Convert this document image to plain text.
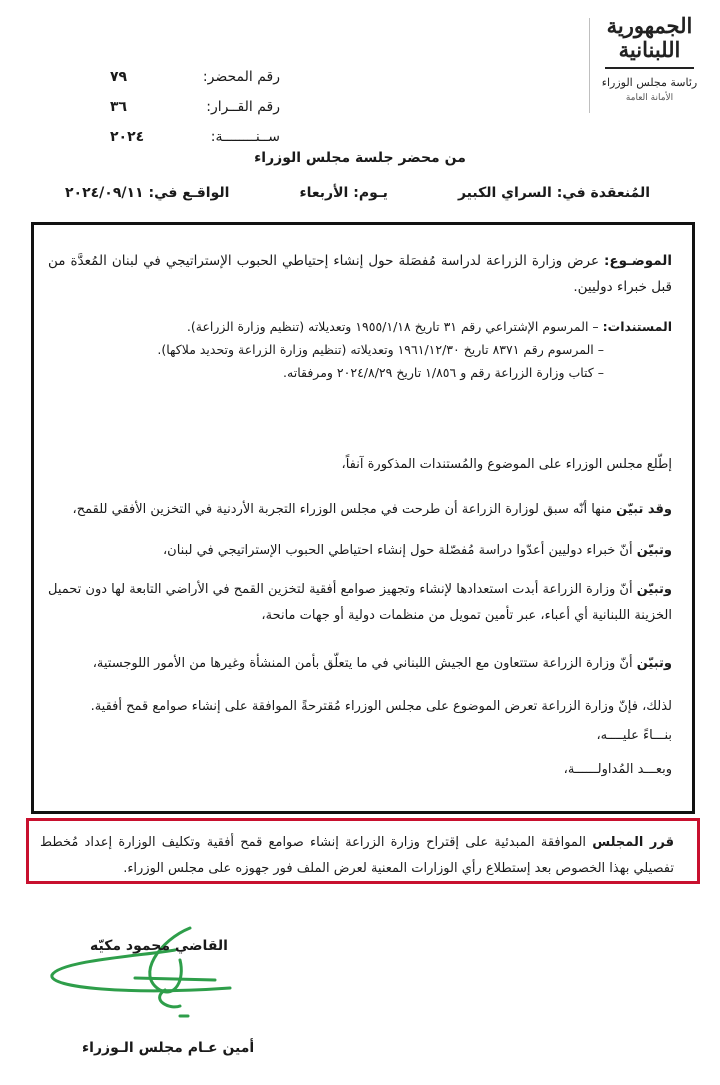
الجمهورية
اللبنانية
رئاسة مجلس الوزراء
الأمانة العامة
رقم المحضر:
٧٩
رقم القــرار:
٣٦
ســنــــــــة:
٢٠٢٤
من محضر جلسة مجلس الوزراء
المُنعقدة في: السراي الكبير
يـوم: الأربعاء
الواقـع في: ٢٠٢٤/٠٩/١١
الموضـوع: عرض وزارة الزراعة لدراسة مُفصَلة حول إنشاء إحتياطي الحبوب الإستراتيجي في لبنان المُعدَّة من قبل خبراء دوليين.
المستندات: – المرسوم الإشتراعي رقم ٣١ تاريخ ١٩٥٥/١/١٨ وتعديلاته (تنظيم وزارة الزراعة).
– المرسوم رقم ٨٣٧١ تاريخ ١٩٦١/١٢/٣٠ وتعديلاته (تنظيم وزارة الزراعة وتحديد ملاكها).
– كتاب وزارة الزراعة رقم و ١/٨٥٦ تاريخ ٢٠٢٤/٨/٢٩ ومرفقاته.
إطّلع مجلس الوزراء على الموضوع والمُستندات المذكورة آنفاً،
وقد تبيّن منها أنّه سبق لوزارة الزراعة أن طرحت في مجلس الوزراء التجربة الأردنية في التخزين الأفقي للقمح،
وتبيّن أنّ خبراء دوليين أعدّوا دراسة مُفصّلة حول إنشاء احتياطي الحبوب الإستراتيجي في لبنان،
وتبيّن أنّ وزارة الزراعة أبدت استعدادها لإنشاء وتجهيز صوامع أفقية لتخزين القمح في الأراضي التابعة لها دون تحميل الخزينة اللبنانية أي أعباء، عبر تأمين تمويل من منظمات دولية أو جهات مانحة،
وتبيّن أنّ وزارة الزراعة ستتعاون مع الجيش اللبناني في ما يتعلّق بأمن المنشأة وغيرها من الأمور اللوجستية،
لذلك، فإنّ وزارة الزراعة تعرض الموضوع على مجلس الوزراء مُقترحةً الموافقة على إنشاء صوامع قمح أفقية.
بنـــاءً عليــــه،
وبعـــد المُداولــــــة،
قرر المجلس الموافقة المبدئية على إقتراح وزارة الزراعة إنشاء صوامع قمح أفقية وتكليف الوزارة إعداد مُخطط تفصيلي بهذا الخصوص بعد إستطلاع رأي الوزارات المعنية لعرض الملف فور جهوزه على مجلس الوزراء.
القاضي محمود مكيّه
أمين عـام مجلس الـوزراء
